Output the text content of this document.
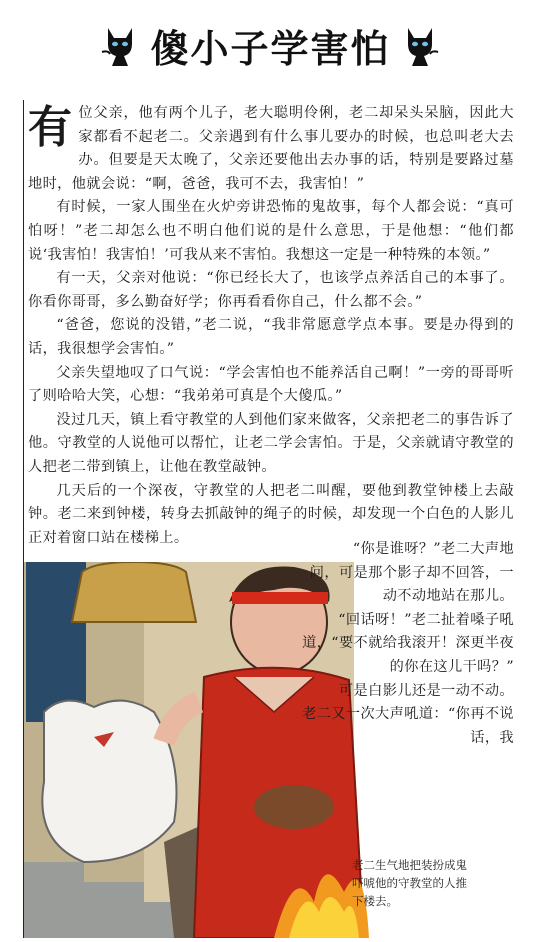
傻小子学害怕

有位父亲，他有两个儿子，老大聪明伶俐，老二却呆头呆脑，因此大家都看不起老二。父亲遇到有什么事儿要办的时候，也总叫老大去办。但要是天太晚了，父亲还要他出去办事的话，特别是要路过墓地时，他就会说：“啊，爸爸，我可不去，我害怕！”

有时候，一家人围坐在火炉旁讲恐怖的鬼故事，每个人都会说：“真可怕呀！”老二却怎么也不明白他们说的是什么意思，于是他想：“他们都说‘我害怕！我害怕！’可我从来不害怕。我想这一定是一种特殊的本领。”

有一天，父亲对他说：“你已经长大了，也该学点养活自己的本事了。你看你哥哥，多么勤奋好学；你再看看你自己，什么都不会。”

“爸爸，您说的没错，”老二说，“我非常愿意学点本事。要是办得到的话，我很想学会害怕。”

父亲失望地叹了口气说：“学会害怕也不能养活自己啊！”一旁的哥哥听了则哈哈大笑，心想：“我弟弟可真是个大傻瓜。”

没过几天，镇上看守教堂的人到他们家来做客，父亲把老二的事告诉了他。守教堂的人说他可以帮忙，让老二学会害怕。于是，父亲就请守教堂的人把老二带到镇上，让他在教堂敲钟。

几天后的一个深夜，守教堂的人把老二叫醒，要他到教堂钟楼上去敲钟。老二来到钟楼，转身去抓敲钟的绳子的时候，却发现一个白色的人影儿正对着窗口站在楼梯上。

“你是谁呀？”老二大声地问，可是那个影子却不回答，一动不动地站在那儿。

“回话呀！”老二扯着嗓子吼道，“要不就给我滚开！深更半夜的你在这儿干吗？”

可是白影儿还是一动不动。老二又一次大声吼道：“你再不说话，我

老二生气地把装扮成鬼吓唬他的守教堂的人推下楼去。
